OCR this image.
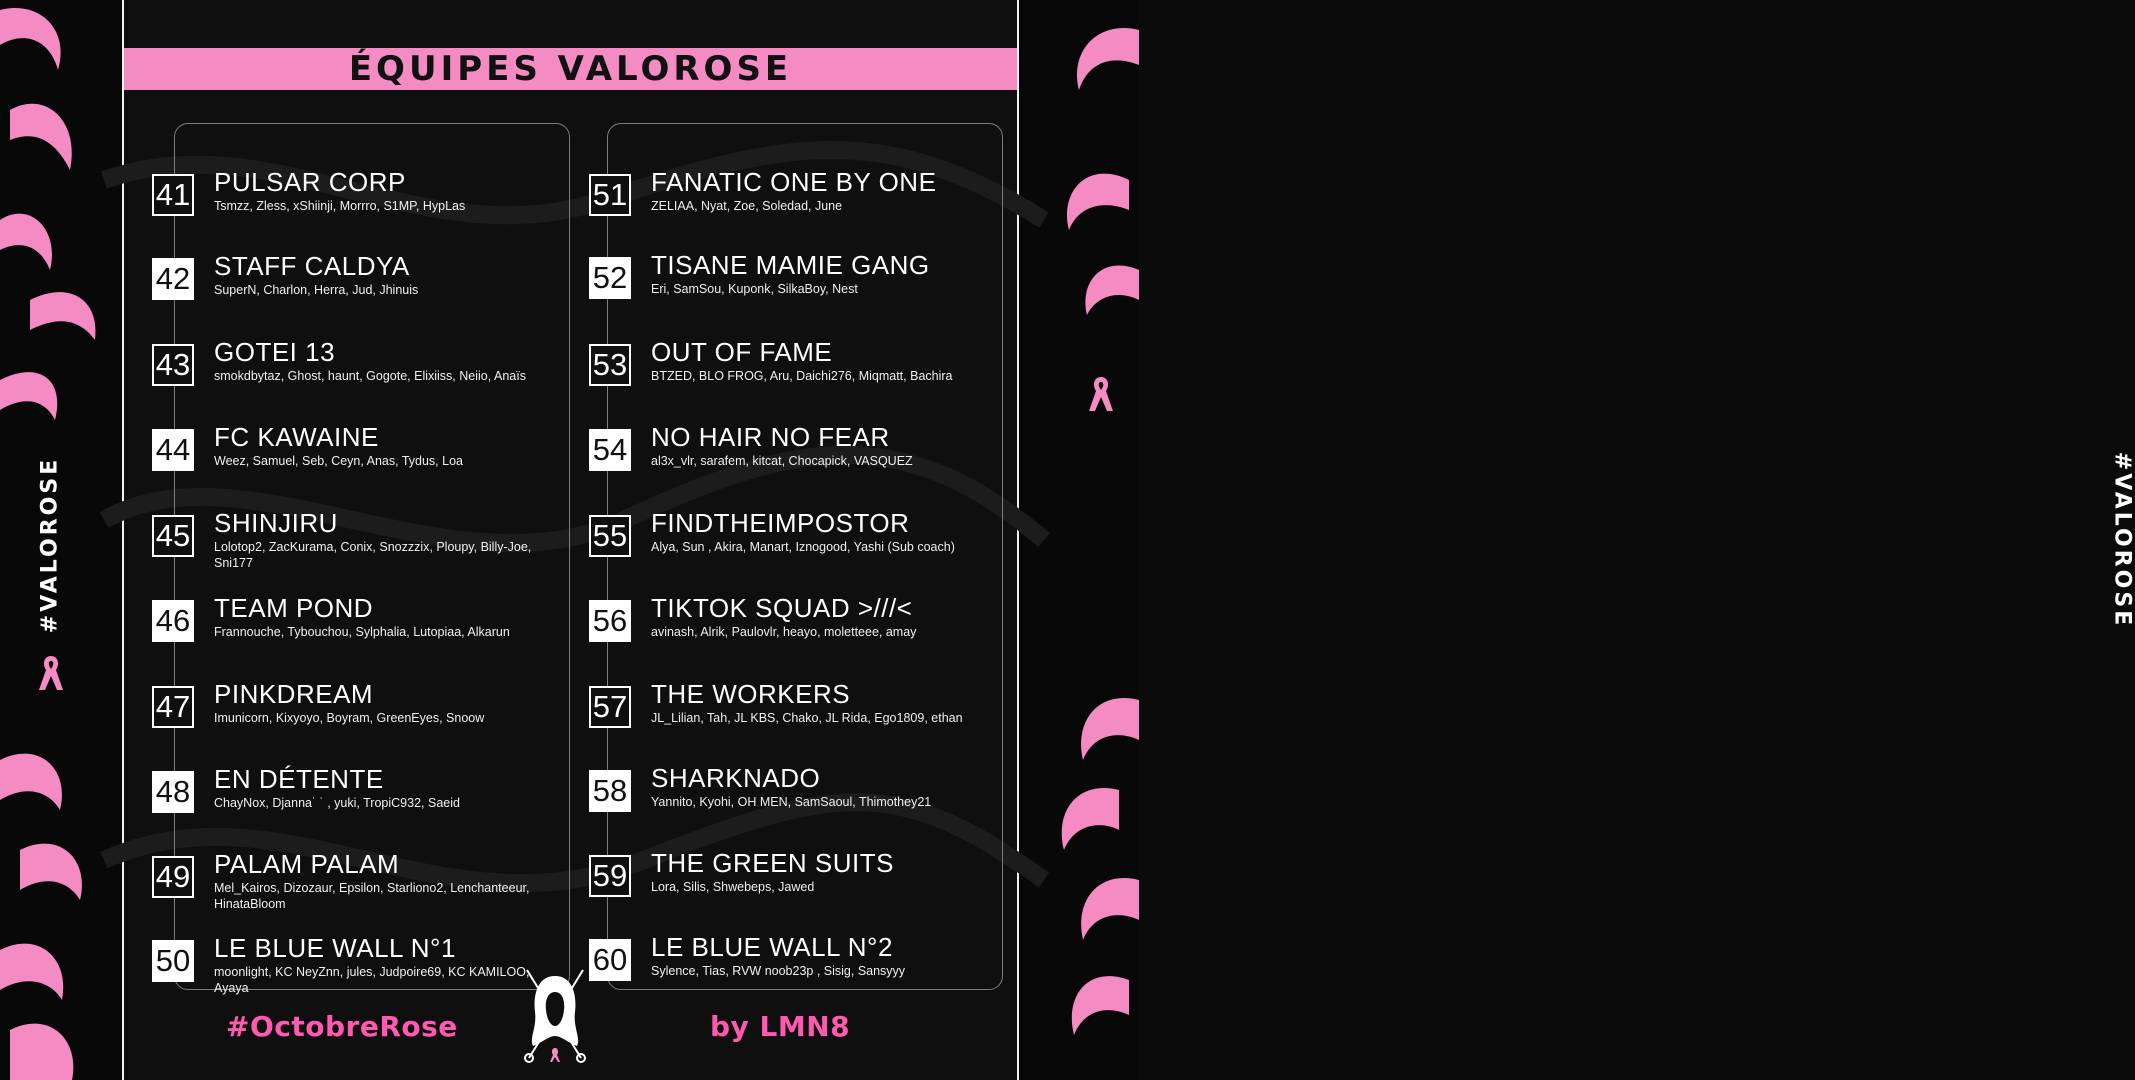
#VALOROSE	#VALOROSE
ÉQUIPES VALOROSE
41 PULSAR CORP
Tsmzz, Zless, xShiinji, Morrro, S1MP, HypLas
42 STAFF CALDYA
SuperN, Charlon, Herra, Jud, Jhinuis
43 GOTEI 13
smokdbytaz, Ghost, haunt, Gogote, Elixiiss, Neiio, Anaïs
44 FC KAWAINE
Weez, Samuel, Seb, Ceyn, Anas, Tydus, Loa
45 SHINJIRU
Lolotop2, ZacKurama, Conix, Snozzzix, Ploupy, Billy-Joe, Sni177
46 TEAM POND
Frannouche, Tybouchou, Sylphalia, Lutopiaa, Alkarun
47 PINKDREAM
Imunicorn, Kixyoyo, Boyram, GreenEyes, Snoow
48 EN DÉTENTE
ChayNox, Djanna˙ ˙ , yuki, TropiC932, Saeid
49 PALAM PALAM
Mel_Kairos, Dizozaur, Epsilon, Starliono2, Lenchanteeur, HinataBloom
50 LE BLUE WALL N°1
moonlight, KC NeyZnn, jules, Judpoire69, KC KAMILOO, Ayaya
51 FANATIC ONE BY ONE
ZELIAA, Nyat, Zoe, Soledad, June
52 TISANE MAMIE GANG
Eri, SamSou, Kuponk, SilkaBoy, Nest
53 OUT OF FAME
BTZED, BLO FROG, Aru, Daichi276, Miqmatt, Bachira
54 NO HAIR NO FEAR
al3x_vlr, sarafem, kitcat, Chocapick, VASQUEZ
55 FINDTHEIMPOSTOR
Alya, Sun , Akira, Manart, Iznogood, Yashi (Sub coach)
56 TIKTOK SQUAD >///<
avinash, Alrik, Paulovlr, heayo, moletteee, amay
57 THE WORKERS
JL_Lilian, Tah, JL KBS, Chako, JL Rida, Ego1809, ethan
58 SHARKNADO
Yannito, Kyohi, OH MEN, SamSaoul, Thimothey21
59 THE GREEN SUITS
Lora, Silis, Shwebeps, Jawed
60 LE BLUE WALL N°2
Sylence, Tias, RVW noob23p , Sisig, Sansyyy
#OctobreRose	by LMN8
